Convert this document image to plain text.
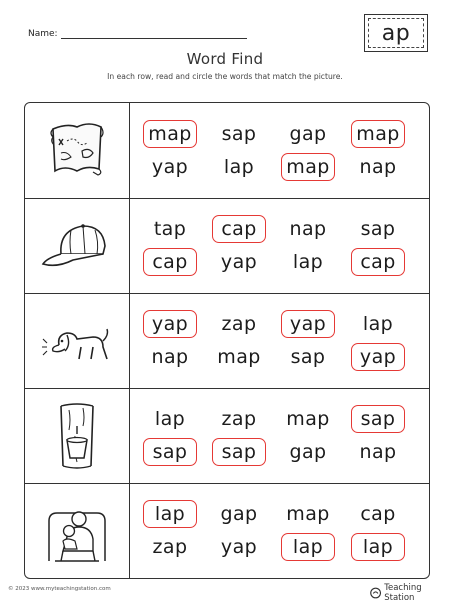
Name:	ap
Word Find
In each row, read and circle the words that match the picture.
map	sap	gap	map
yap	lap	map	nap
tap	cap	nap	sap
cap	yap	lap	cap
yap	zap	yap	lap
nap	map	sap	yap
lap	zap	map	sap
sap	sap	gap	nap
lap	gap	map	cap
zap	yap	lap	lap
© 2023 www.myteachingstation.com	Teaching Station
